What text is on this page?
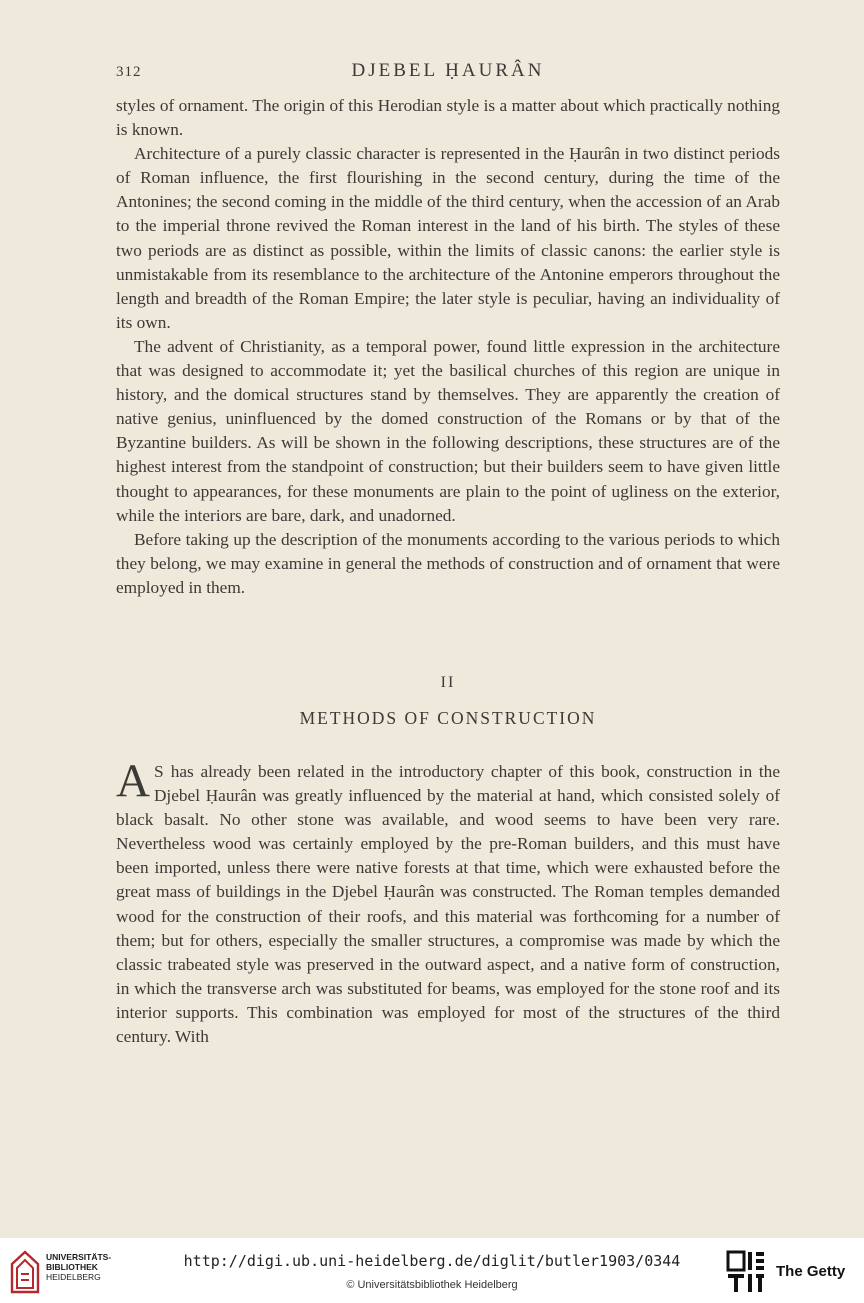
312	DJEBEL ḤAURÂN

styles of ornament. The origin of this Herodian style is a matter about which practically nothing is known.

Architecture of a purely classic character is represented in the Ḥaurân in two distinct periods of Roman influence, the first flourishing in the second century, during the time of the Antonines; the second coming in the middle of the third century, when the accession of an Arab to the imperial throne revived the Roman interest in the land of his birth. The styles of these two periods are as distinct as possible, within the limits of classic canons: the earlier style is unmistakable from its resemblance to the architecture of the Antonine emperors throughout the length and breadth of the Roman Empire; the later style is peculiar, having an individuality of its own.

The advent of Christianity, as a temporal power, found little expression in the architecture that was designed to accommodate it; yet the basilical churches of this region are unique in history, and the domical structures stand by themselves. They are apparently the creation of native genius, uninfluenced by the domed construction of the Romans or by that of the Byzantine builders. As will be shown in the following descriptions, these structures are of the highest interest from the standpoint of construction; but their builders seem to have given little thought to appearances, for these monuments are plain to the point of ugliness on the exterior, while the interiors are bare, dark, and unadorned.

Before taking up the description of the monuments according to the various periods to which they belong, we may examine in general the methods of construction and of ornament that were employed in them.

II
METHODS OF CONSTRUCTION
A S has already been related in the introductory chapter of this book, construction in the Djebel Ḥaurân was greatly influenced by the material at hand, which consisted solely of black basalt. No other stone was available, and wood seems to have been very rare. Nevertheless wood was certainly employed by the pre-Roman builders, and this must have been imported, unless there were native forests at that time, which were exhausted before the great mass of buildings in the Djebel Ḥaurân was constructed. The Roman temples demanded wood for the construction of their roofs, and this material was forthcoming for a number of them; but for others, especially the smaller structures, a compromise was made by which the classic trabeated style was preserved in the outward aspect, and a native form of construction, in which the transverse arch was substituted for beams, was employed for the stone roof and its interior supports. This combination was employed for most of the structures of the third century. With
UNIVERSITÄTS-
BIBLIOTHEK
HEIDELBERG
http://digi.ub.uni-heidelberg.de/diglit/butler1903/0344
© Universitätsbibliothek Heidelberg
The Getty
